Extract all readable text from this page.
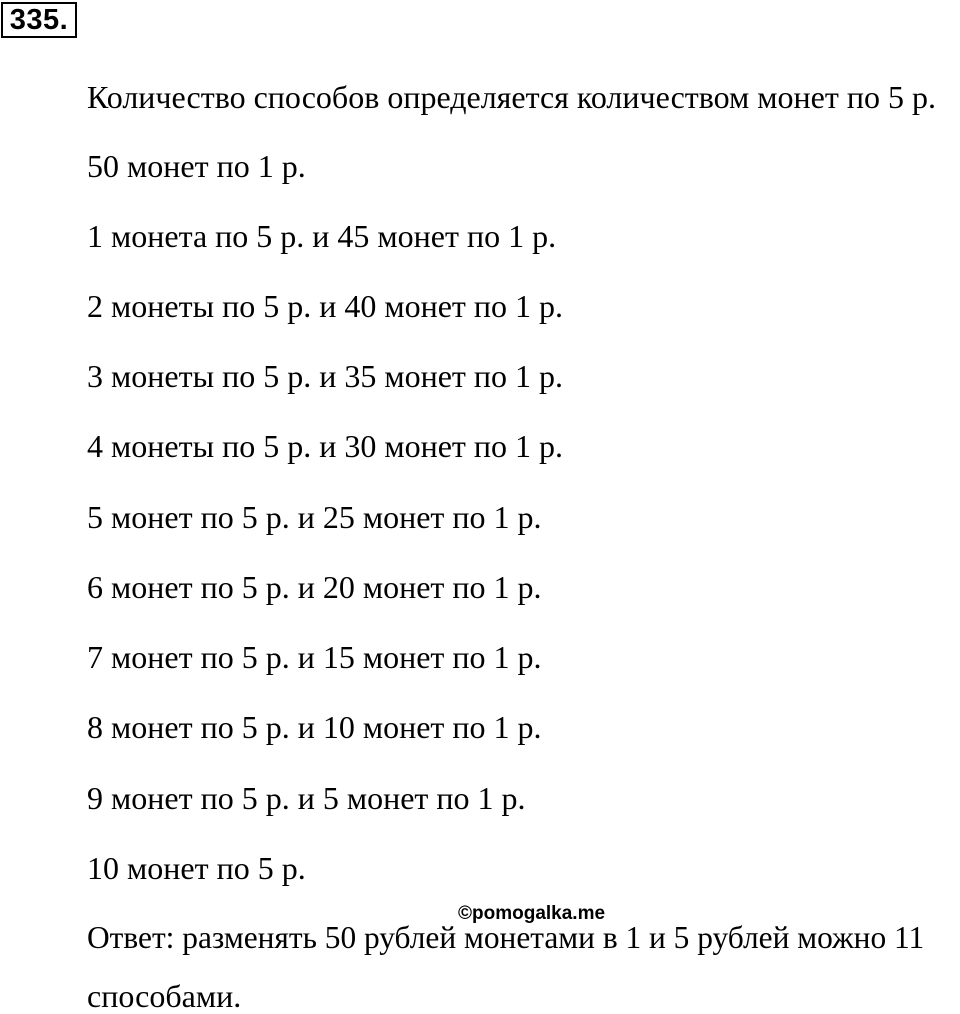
335.
Количество способов определяется количеством монет по 5 р.
50 монет по 1 р.
1 монета по 5 р. и 45 монет по 1 р.
2 монеты по 5 р. и 40 монет по 1 р.
3 монеты по 5 р. и 35 монет по 1 р.
4 монеты по 5 р. и 30 монет по 1 р.
5 монет по 5 р. и 25 монет по 1 р.
6 монет по 5 р. и 20 монет по 1 р.
7 монет по 5 р. и 15 монет по 1 р.
8 монет по 5 р. и 10 монет по 1 р.
9 монет по 5 р. и 5 монет по 1 р.
10 монет по 5 р.
Ответ: разменять 50 рублей монетами в 1 и 5 рублей можно 11
способами.
©pomogalka.me
